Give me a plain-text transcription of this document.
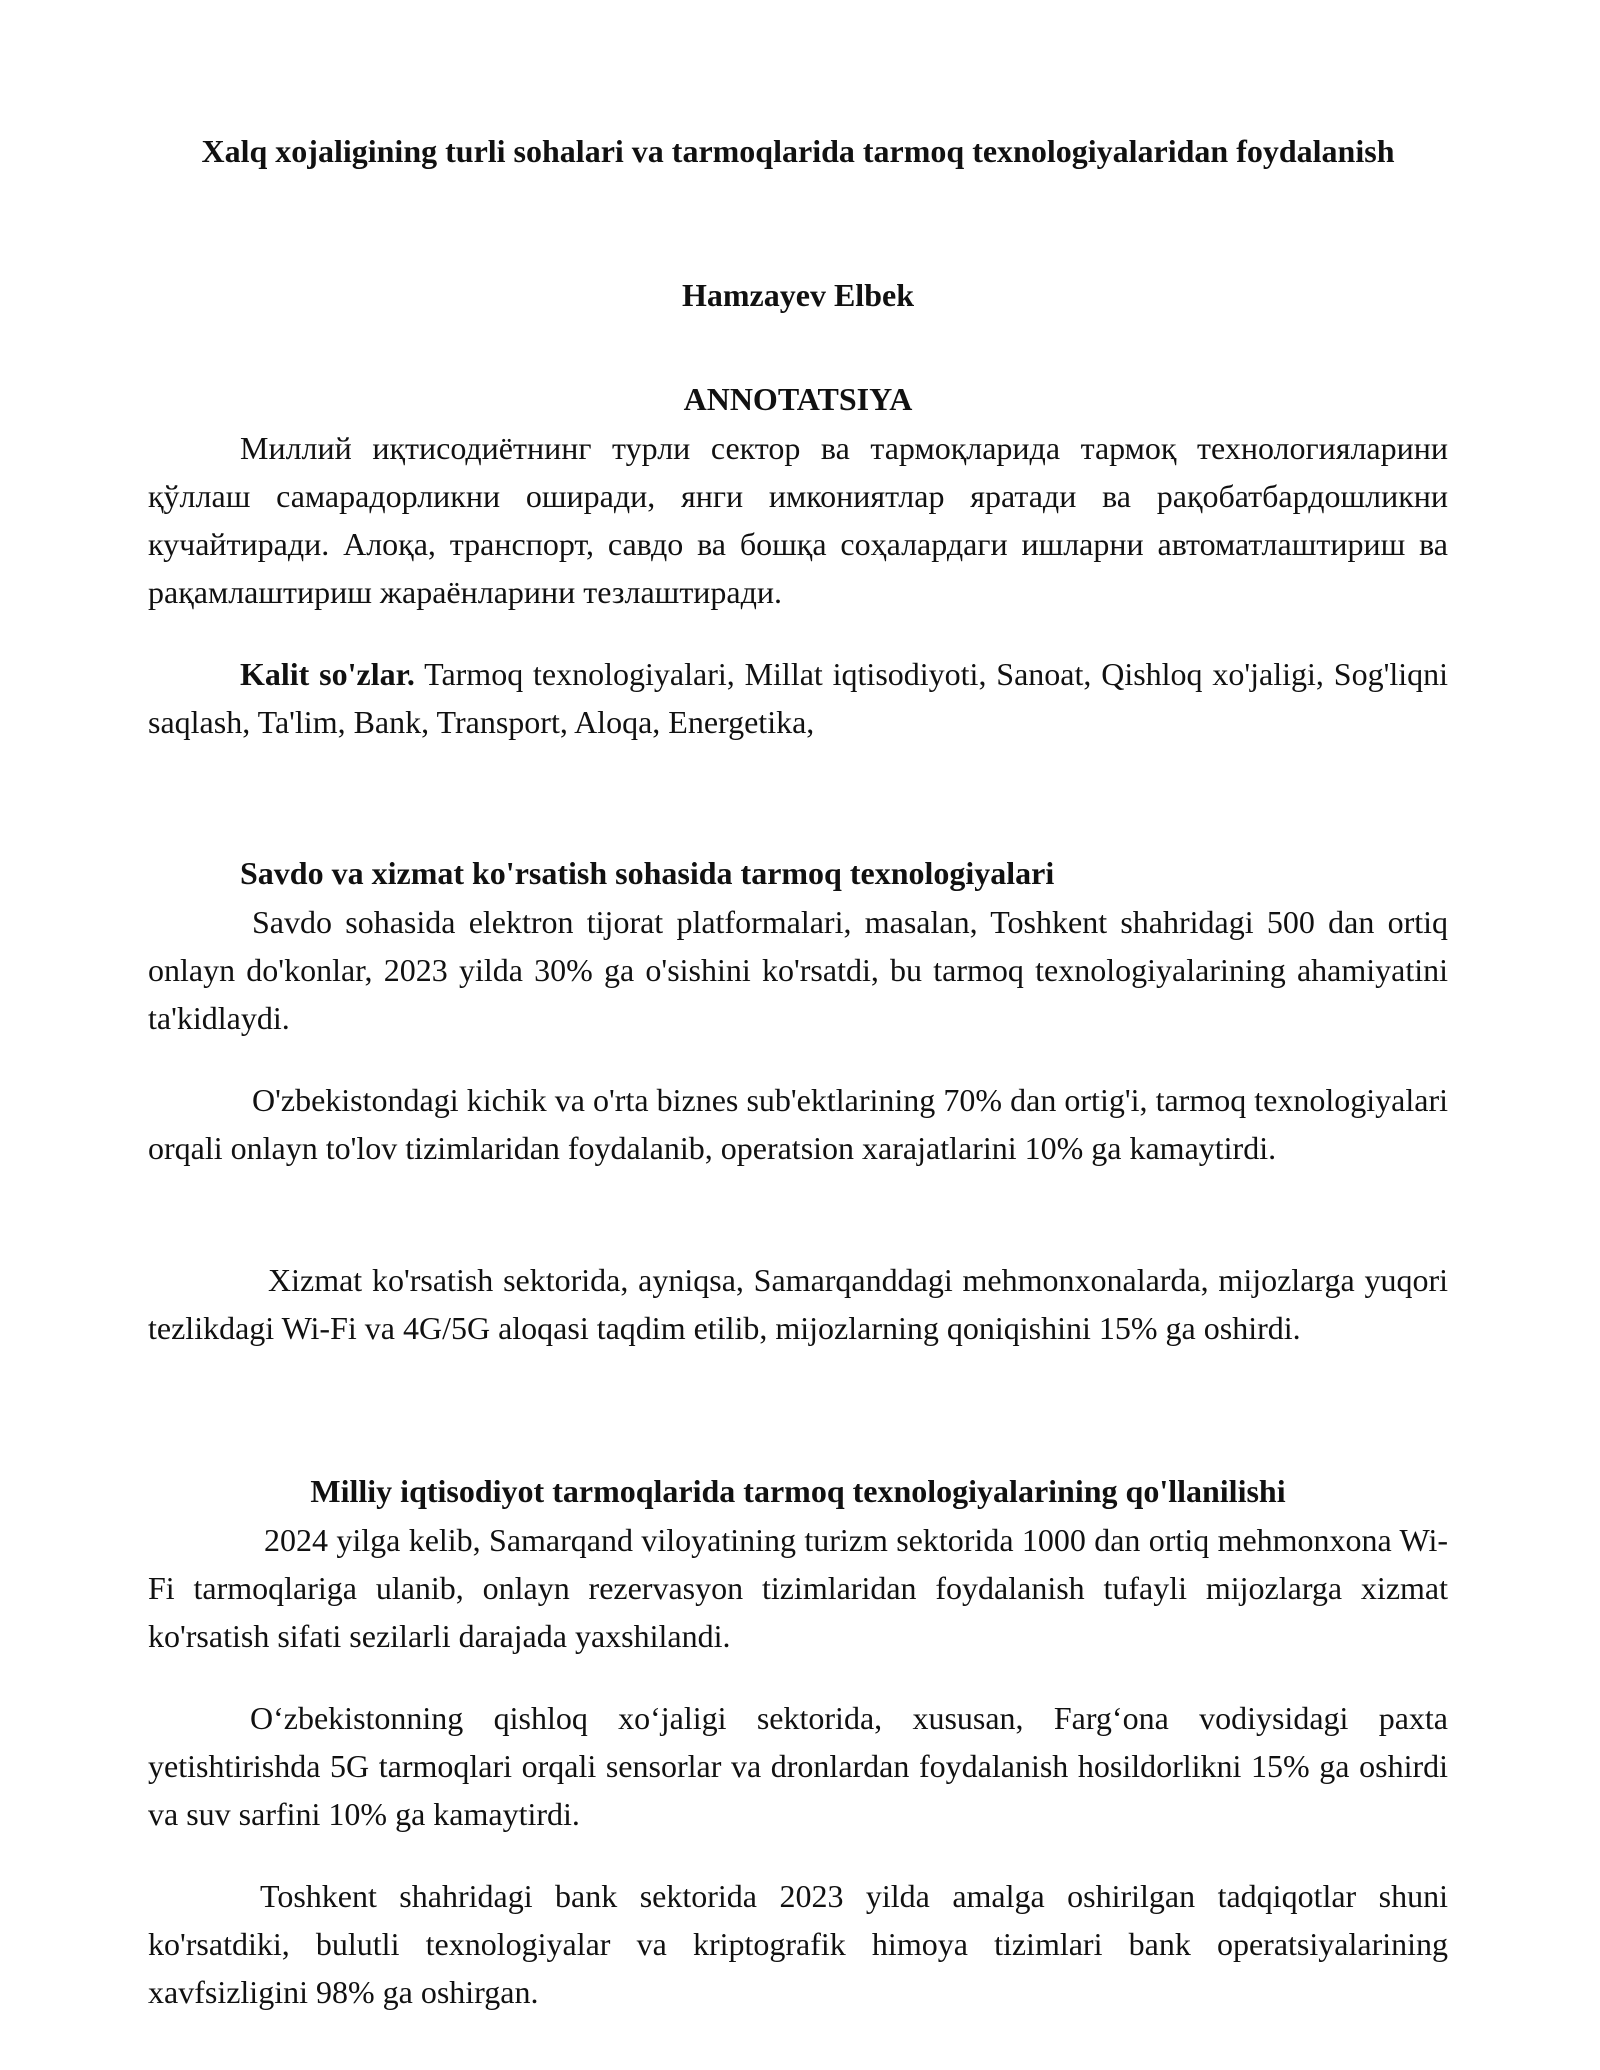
Xalq xojaligining turli sohalari va tarmoqlarida tarmoq texnologiyalaridan foydalanish

Hamzayev Elbek

ANNOTATSIYA

Миллий иқтисодиётнинг турли сектор ва тармоқларида тармоқ технологияларини қўллаш самарадорликни оширади, янги имкониятлар яратади ва рақобатбардошликни кучайтиради. Алоқа, транспорт, савдо ва бошқа соҳалардаги ишларни автоматлаштириш ва рақамлаштириш жараёнларини тезлаштиради.

Kalit so'zlar. Tarmoq texnologiyalari, Millat iqtisodiyoti, Sanoat, Qishloq xo'jaligi, Sog'liqni saqlash, Ta'lim, Bank, Transport, Aloqa, Energetika,

Savdo va xizmat ko'rsatish sohasida tarmoq texnologiyalari

Savdo sohasida elektron tijorat platformalari, masalan, Toshkent shahridagi 500 dan ortiq onlayn do'konlar, 2023 yilda 30% ga o'sishini ko'rsatdi, bu tarmoq texnologiyalarining ahamiyatini ta'kidlaydi.

O'zbekistondagi kichik va o'rta biznes sub'ektlarining 70% dan ortig'i, tarmoq texnologiyalari orqali onlayn to'lov tizimlaridan foydalanib, operatsion xarajatlarini 10% ga kamaytirdi.

Xizmat ko'rsatish sektorida, ayniqsa, Samarqanddagi mehmonxonalarda, mijozlarga yuqori tezlikdagi Wi-Fi va 4G/5G aloqasi taqdim etilib, mijozlarning qoniqishini 15% ga oshirdi.

Milliy iqtisodiyot tarmoqlarida tarmoq texnologiyalarining qo'llanilishi

2024 yilga kelib, Samarqand viloyatining turizm sektorida 1000 dan ortiq mehmonxona Wi-Fi tarmoqlariga ulanib, onlayn rezervasyon tizimlaridan foydalanish tufayli mijozlarga xizmat ko'rsatish sifati sezilarli darajada yaxshilandi.

Oʻzbekistonning qishloq xoʻjaligi sektorida, xususan, Fargʻona vodiysidagi paxta yetishtirishda 5G tarmoqlari orqali sensorlar va dronlardan foydalanish hosildorlikni 15% ga oshirdi va suv sarfini 10% ga kamaytirdi.

Toshkent shahridagi bank sektorida 2023 yilda amalga oshirilgan tadqiqotlar shuni ko'rsatdiki, bulutli texnologiyalar va kriptografik himoya tizimlari bank operatsiyalarining xavfsizligini 98% ga oshirgan.
